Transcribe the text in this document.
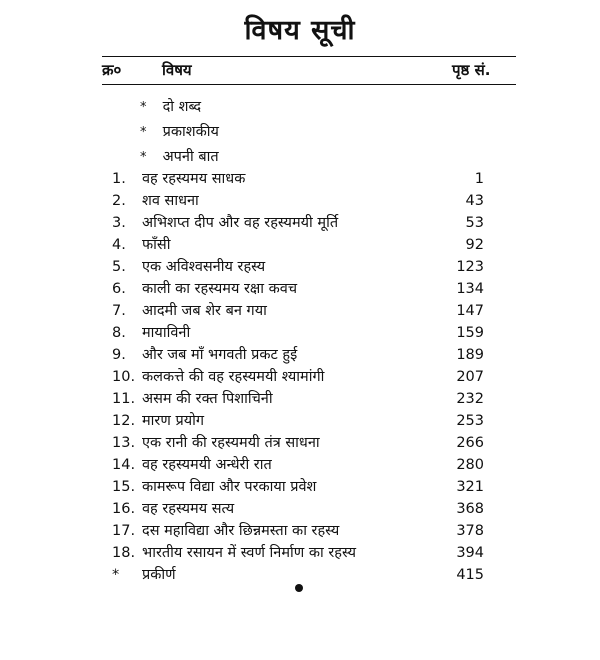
विषय सूची
क्र०	विषय	पृष्ठ सं.
* दो शब्द
* प्रकाशकीय
* अपनी बात
1.	वह रहस्यमय साधक	1
2.	शव साधना	43
3.	अभिशप्त दीप और वह रहस्यमयी मूर्ति	53
4.	फाँसी	92
5.	एक अविश्वसनीय रहस्य	123
6.	काली का रहस्यमय रक्षा कवच	134
7.	आदमी जब शेर बन गया	147
8.	मायाविनी	159
9.	और जब माँ भगवती प्रकट हुई	189
10. कलकत्ते की वह रहस्यमयी श्यामांगी	207
11. असम की रक्त पिशाचिनी	232
12. मारण प्रयोग	253
13. एक रानी की रहस्यमयी तंत्र साधना	266
14. वह रहस्यमयी अन्धेरी रात	280
15. कामरूप विद्या और परकाया प्रवेश	321
16. वह रहस्यमय सत्य	368
17. दस महाविद्या और छिन्नमस्ता का रहस्य	378
18. भारतीय रसायन में स्वर्ण निर्माण का रहस्य	394
*	प्रकीर्ण	415
